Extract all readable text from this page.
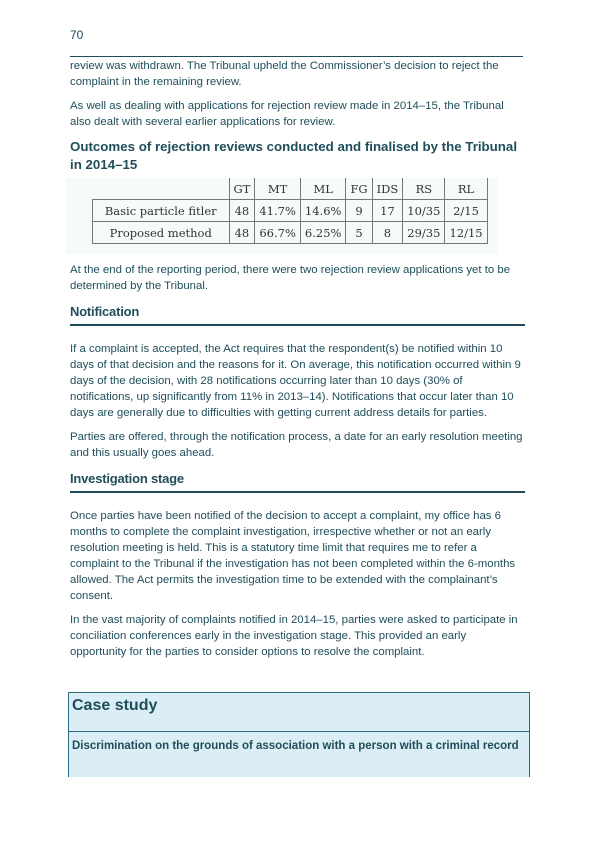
70

review was withdrawn. The Tribunal upheld the Commissioner’s decision to reject the complaint in the remaining review.

As well as dealing with applications for rejection review made in 2014–15, the Tribunal also dealt with several earlier applications for review.

Outcomes of rejection reviews conducted and finalised by the Tribunal in 2014–15
	GT	MT	ML	FG	IDS	RS	RL
Basic particle fitler	48	41.7%	14.6%	9	17	10/35	2/15
Proposed method	48	66.7%	6.25%	5	8	29/35	12/15

At the end of the reporting period, there were two rejection review applications yet to be determined by the Tribunal.

Notification

If a complaint is accepted, the Act requires that the respondent(s) be notified within 10 days of that decision and the reasons for it. On average, this notification occurred within 9 days of the decision, with 28 notifications occurring later than 10 days (30% of notifications, up significantly from 11% in 2013–14). Notifications that occur later than 10 days are generally due to difficulties with getting current address details for parties.

Parties are offered, through the notification process, a date for an early resolution meeting and this usually goes ahead.

Investigation stage

Once parties have been notified of the decision to accept a complaint, my office has 6 months to complete the complaint investigation, irrespective whether or not an early resolution meeting is held. This is a statutory time limit that requires me to refer a complaint to the Tribunal if the investigation has not been completed within the 6-months allowed. The Act permits the investigation time to be extended with the complainant’s consent.

In the vast majority of complaints notified in 2014–15, parties were asked to participate in conciliation conferences early in the investigation stage. This provided an early opportunity for the parties to consider options to resolve the complaint.

Case study
Discrimination on the grounds of association with a person with a criminal record
